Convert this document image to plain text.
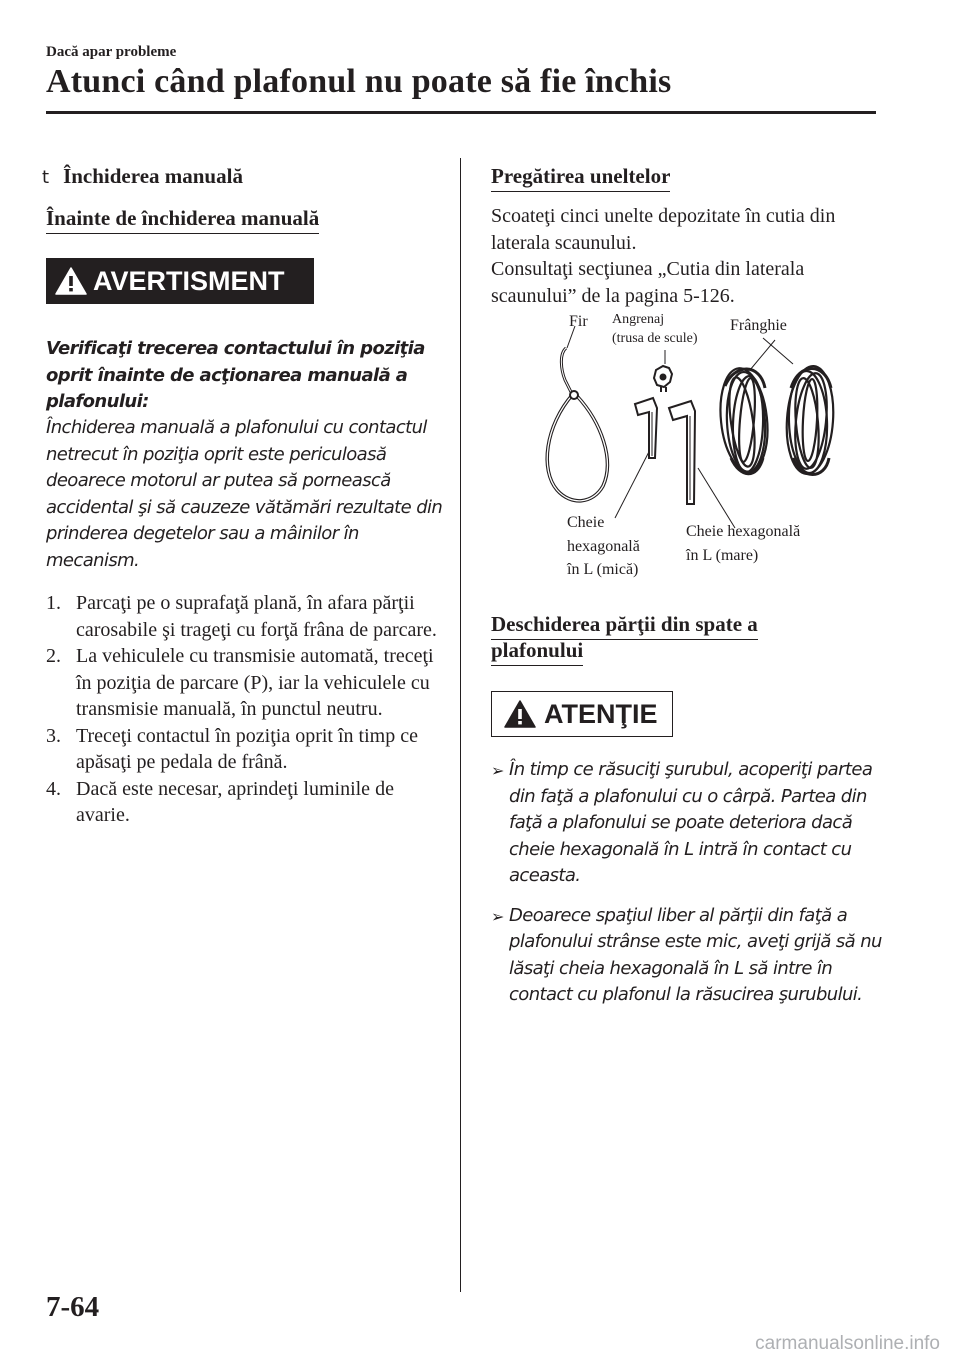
Dacă apar probleme
Atunci când plafonul nu poate să fie închis
t Închiderea manuală
Înainte de închiderea manuală
AVERTISMENT
Verificaţi trecerea contactului în poziţia oprit înainte de acţionarea manuală a plafonului:
Închiderea manuală a plafonului cu contactul netrecut în poziţia oprit este periculoasă deoarece motorul ar putea să pornească accidental şi să cauzeze vătămări rezultate din prinderea degetelor sau a mâinilor în mecanism.
1. Parcaţi pe o suprafaţă plană, în afara părţii carosabile şi trageţi cu forţă frâna de parcare.
2. La vehiculele cu transmisie automată, treceţi în poziţia de parcare (P), iar la vehiculele cu transmisie manuală, în punctul neutru.
3. Treceţi contactul în poziţia oprit în timp ce apăsaţi pe pedala de frână.
4. Dacă este necesar, aprindeţi luminile de avarie.
Pregătirea uneltelor
Scoateţi cinci unelte depozitate în cutia din laterala scaunului.
Consultaţi secţiunea „Cutia din laterala scaunului” de la pagina 5-126.
Fir Angrenaj
(trusa de scule)
Frânghie
Cheie
hexagonală
în L (mică)
Cheie hexagonală
în L (mare)
Deschiderea părţii din spate a
plafonului
ATENŢIE
➢ În timp ce răsuciţi şurubul, acoperiţi partea din faţă a plafonului cu o cârpă. Partea din faţă a plafonului se poate deteriora dacă cheie hexagonală în L intră în contact cu aceasta.
➢ Deoarece spaţiul liber al părţii din faţă a plafonului strânse este mic, aveţi grijă să nu lăsaţi cheia hexagonală în L să intre în contact cu plafonul la răsucirea şurubului.
7-64
carmanualsonline.info
